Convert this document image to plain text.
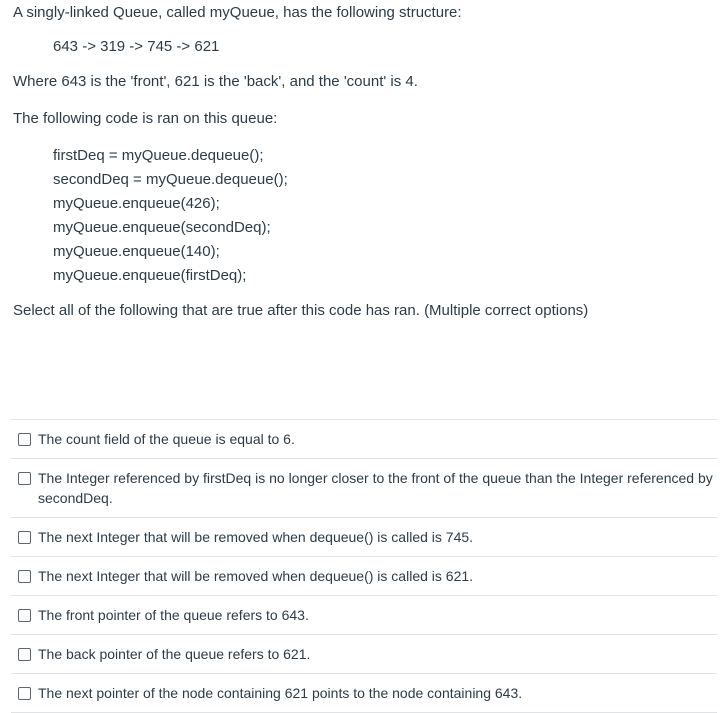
A singly-linked Queue, called myQueue, has the following structure:
643 -> 319 -> 745 -> 621
Where 643 is the 'front', 621 is the 'back', and the 'count' is 4.
The following code is ran on this queue:
firstDeq = myQueue.dequeue();
secondDeq = myQueue.dequeue();
myQueue.enqueue(426);
myQueue.enqueue(secondDeq);
myQueue.enqueue(140);
myQueue.enqueue(firstDeq);
Select all of the following that are true after this code has ran. (Multiple correct options)
The count field of the queue is equal to 6.
The Integer referenced by firstDeq is no longer closer to the front of the queue than the Integer referenced by secondDeq.
The next Integer that will be removed when dequeue() is called is 745.
The next Integer that will be removed when dequeue() is called is 621.
The front pointer of the queue refers to 643.
The back pointer of the queue refers to 621.
The next pointer of the node containing 621 points to the node containing 643.
